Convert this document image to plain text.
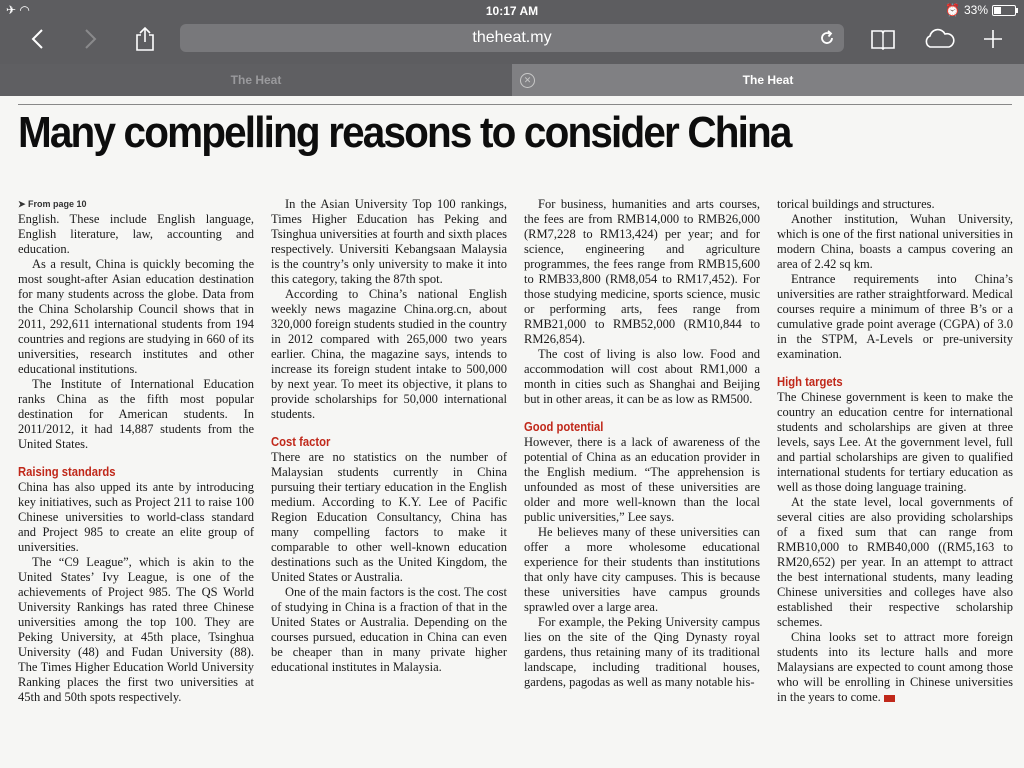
✈ ︎◠	10:17 AM	⏰ 33%
theheat.my
The Heat	The Heat
✕
Many compelling reasons to consider China
➤ From page 10

English. These include English language, English literature, law, accounting and education.

As a result, China is quickly becoming the most sought-after Asian education destination for many students across the globe. Data from the China Scholarship Council shows that in 2011, 292,611 international students from 194 countries and regions are studying in 660 of its universities, research institutes and other educational institutions.

The Institute of International Education ranks China as the fifth most popular destination for American students. In 2011/2012, it had 14,887 students from the United States.

Raising standards

China has also upped its ante by introducing key initiatives, such as Project 211 to raise 100 Chinese universities to world-class standard and Project 985 to create an elite group of universities.

The “C9 League”, which is akin to the United States’ Ivy League, is one of the achievements of Project 985. The QS World University Rankings has rated three Chinese universities among the top 100. They are Peking University, at 45th place, Tsinghua University (48) and Fudan University (88). The Times Higher Education World University Ranking places the first two universities at 45th and 50th spots respectively.

In the Asian University Top 100 rankings, Times Higher Education has Peking and Tsinghua universities at fourth and sixth places respectively. Universiti Kebangsaan Malaysia is the country’s only university to make it into this category, taking the 87th spot.

According to China’s national English weekly news magazine China.org.cn, about 320,000 foreign students studied in the country in 2012 compared with 265,000 two years earlier. China, the magazine says, intends to increase its foreign student intake to 500,000 by next year. To meet its objective, it plans to provide scholarships for 50,000 international students.

Cost factor

There are no statistics on the number of Malaysian students currently in China pursuing their tertiary education in the English medium. According to K.Y. Lee of Pacific Region Education Consultancy, China has many compelling factors to make it comparable to other well-known education destinations such as the United Kingdom, the United States or Australia.

One of the main factors is the cost. The cost of studying in China is a fraction of that in the United States or Australia. Depending on the courses pursued, education in China can even be cheaper than in many private higher educational institutes in Malaysia.

For business, humanities and arts courses, the fees are from RMB14,000 to RMB26,000 (RM7,228 to RM13,424) per year; and for science, engineering and agriculture programmes, the fees range from RMB15,600 to RMB33,800 (RM8,054 to RM17,452). For those studying medicine, sports science, music or performing arts, fees range from RMB21,000 to RMB52,000 (RM10,844 to RM26,854).

The cost of living is also low. Food and accommodation will cost about RM1,000 a month in cities such as Shanghai and Beijing but in other areas, it can be as low as RM500.

Good potential

However, there is a lack of awareness of the potential of China as an education provider in the English medium. “The apprehension is unfounded as most of these universities are older and more well-known than the local public universities,” Lee says.

He believes many of these universities can offer a more wholesome educational experience for their students than institutions that only have city campuses. This is because these universities have campus grounds sprawled over a large area.

For example, the Peking University campus lies on the site of the Qing Dynasty royal gardens, thus retaining many of its traditional landscape, including traditional houses, gardens, pagodas as well as many notable his-

torical buildings and structures.

Another institution, Wuhan University, which is one of the first national universities in modern China, boasts a campus covering an area of 2.42 sq km.

Entrance requirements into China’s universities are rather straightforward. Medical courses require a minimum of three B’s or a cumulative grade point average (CGPA) of 3.0 in the STPM, A-Levels or pre-university examination.

High targets

The Chinese government is keen to make the country an education centre for international students and scholarships are given at three levels, says Lee. At the government level, full and partial scholarships are given to qualified international students for tertiary education as well as those doing language training.

At the state level, local governments of several cities are also providing scholarships of a fixed sum that can range from RMB10,000 to RMB40,000 ((RM5,163 to RM20,652) per year. In an attempt to attract the best international students, many leading Chinese universities and colleges have also established their respective scholarship schemes.

China looks set to attract more foreign students into its lecture halls and more Malaysians are expected to count among those who will be enrolling in Chinese universities in the years to come.
